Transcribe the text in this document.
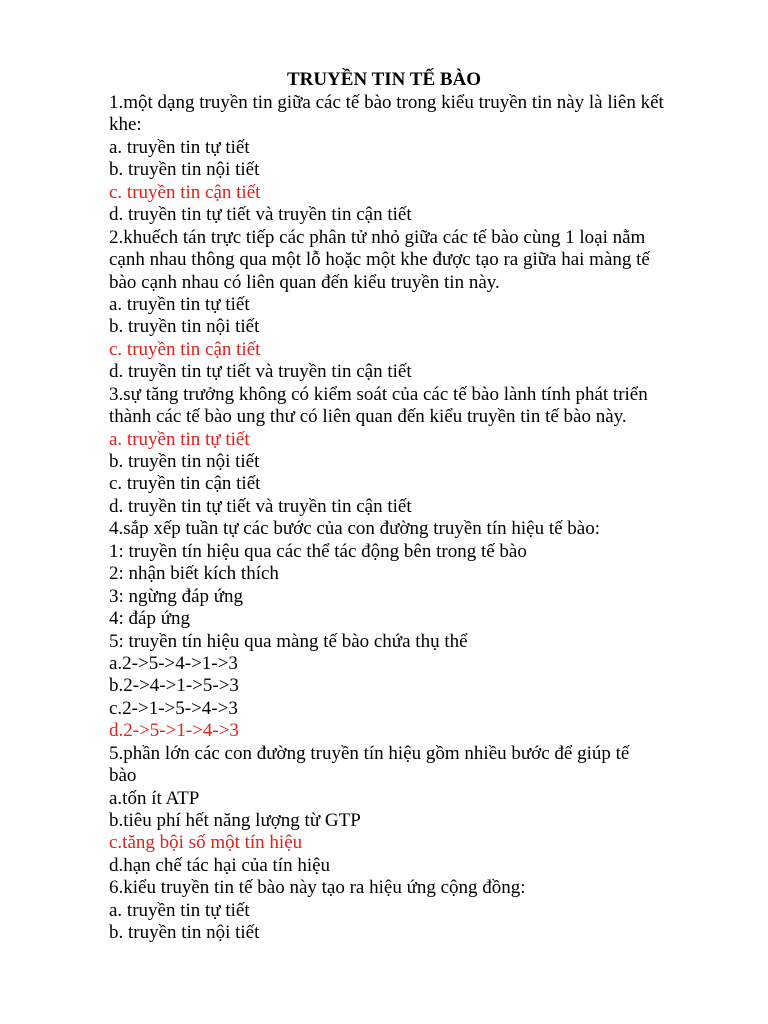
TRUYỀN TIN TẾ BÀO
1.một dạng truyền tin giữa các tế bào trong kiểu truyền tin này là liên kết
khe:
a. truyền tin tự tiết
b. truyền tin nội tiết
c. truyền tin cận tiết
d. truyền tin tự tiết và truyền tin cận tiết
2.khuếch tán trực tiếp các phân tử nhỏ giữa các tế bào cùng 1 loại nằm
cạnh nhau thông qua một lỗ hoặc một khe được tạo ra giữa hai màng tế
bào cạnh nhau có liên quan đến kiểu truyền tin này.
a. truyền tin tự tiết
b. truyền tin nội tiết
c. truyền tin cận tiết
d. truyền tin tự tiết và truyền tin cận tiết
3.sự tăng trưởng không có kiểm soát của các tế bào lành tính phát triển
thành các tế bào ung thư có liên quan đến kiểu truyền tin tế bào này.
a. truyền tin tự tiết
b. truyền tin nội tiết
c. truyền tin cận tiết
d. truyền tin tự tiết và truyền tin cận tiết
4.sắp xếp tuần tự các bước của con đường truyền tín hiệu tế bào:
1: truyền tín hiệu qua các thể tác động bên trong tế bào
2: nhận biết kích thích
3: ngừng đáp ứng
4: đáp ứng
5: truyền tín hiệu qua màng tế bào chứa thụ thể
a.2->5->4->1->3
b.2->4->1->5->3
c.2->1->5->4->3
d.2->5->1->4->3
5.phần lớn các con đường truyền tín hiệu gồm nhiều bước để giúp tế
bào
a.tốn ít ATP
b.tiêu phí hết năng lượng từ GTP
c.tăng bội số một tín hiệu
d.hạn chế tác hại của tín hiệu
6.kiểu truyền tin tế bào này tạo ra hiệu ứng cộng đồng:
a. truyền tin tự tiết
b. truyền tin nội tiết
